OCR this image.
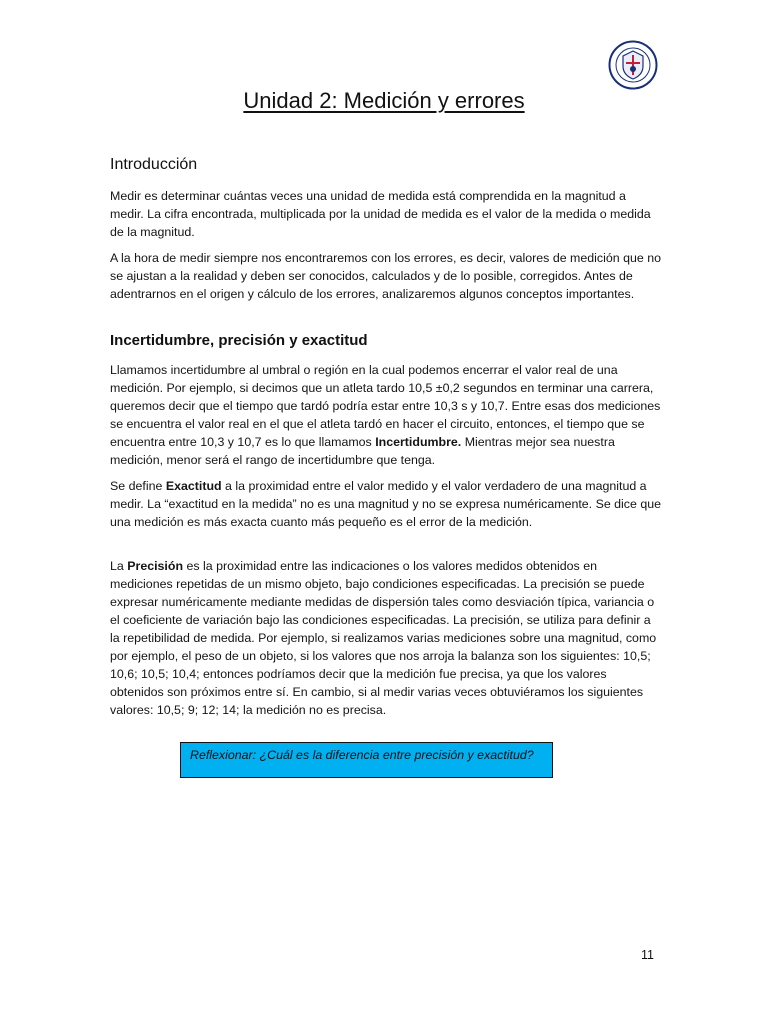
Unidad 2: Medición y errores
Introducción

Medir es determinar cuántas veces una unidad de medida está comprendida en la magnitud a medir. La cifra encontrada, multiplicada por la unidad de medida es el valor de la medida o medida de la magnitud.

A la hora de medir siempre nos encontraremos con los errores, es decir, valores de medición que no se ajustan a la realidad y deben ser conocidos, calculados y de lo posible, corregidos. Antes de adentrarnos en el origen y cálculo de los errores, analizaremos algunos conceptos importantes.

Incertidumbre, precisión y exactitud

Llamamos incertidumbre al umbral o región en la cual podemos encerrar el valor real de una medición. Por ejemplo, si decimos que un atleta tardo 10,5 ±0,2 segundos en terminar una carrera, queremos decir que el tiempo que tardó podría estar entre 10,3 s y 10,7. Entre esas dos mediciones se encuentra el valor real en el que el atleta tardó en hacer el circuito, entonces, el tiempo que se encuentra entre 10,3 y 10,7 es lo que llamamos Incertidumbre. Mientras mejor sea nuestra medición, menor será el rango de incertidumbre que tenga.

Se define Exactitud a la proximidad entre el valor medido y el valor verdadero de una magnitud a medir. La “exactitud en la medida” no es una magnitud y no se expresa numéricamente. Se dice que una medición es más exacta cuanto más pequeño es el error de la medición.

La Precisión es la proximidad entre las indicaciones o los valores medidos obtenidos en mediciones repetidas de un mismo objeto, bajo condiciones especificadas. La precisión se puede expresar numéricamente mediante medidas de dispersión tales como desviación típica, variancia o el coeficiente de variación bajo las condiciones especificadas. La precisión, se utiliza para definir a la repetibilidad de medida. Por ejemplo, si realizamos varias mediciones sobre una magnitud, como por ejemplo, el peso de un objeto, si los valores que nos arroja la balanza son los siguientes: 10,5; 10,6; 10,5; 10,4; entonces podríamos decir que la medición fue precisa, ya que los valores obtenidos son próximos entre sí. En cambio, si al medir varias veces obtuviéramos los siguientes valores: 10,5; 9; 12; 14; la medición no es precisa.

Reflexionar: ¿Cuál es la diferencia entre precisión y exactitud?
11
